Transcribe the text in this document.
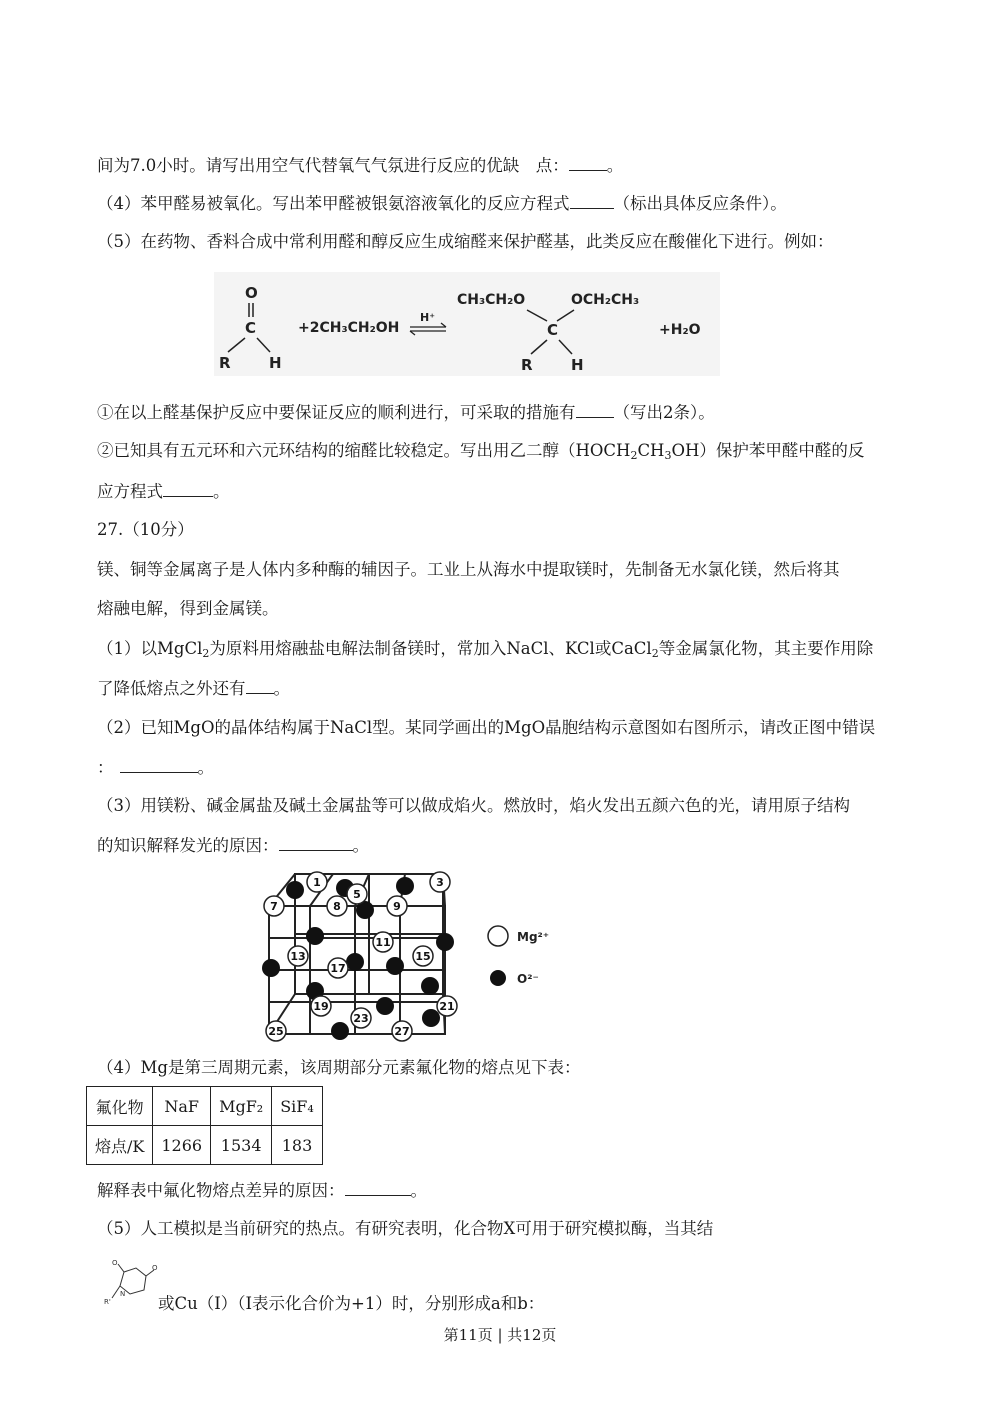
间为7.0小时。请写出用空气代替氧气气氛进行反应的优缺　点： 。
（4）苯甲醛易被氧化。写出苯甲醛被银氨溶液氧化的反应方程式	（标出具体反应条件）。
（5）在药物、香料合成中常利用醛和醇反应生成缩醛来保护醛基，此类反应在酸催化下进行。例如：
O
C
R	H
+2CH₃CH₂OH
H⁺
CH₃CH₂O	OCH₂CH₃
C
R	H
+H₂O
①在以上醛基保护反应中要保证反应的顺利进行，可采取的措施有 （写出2条）。
②已知具有五元环和六元环结构的缩醛比较稳定。写出用乙二醇$(HOCH_2CH_3OH)$保护苯甲醛中醛的反
应方程式	。
27.（10分）
镁、铜等金属离子是人体内多种酶的辅因子。工业上从海水中提取镁时，先制备无水氯化镁，然后将其
熔融电解，得到金属镁。
（1）以MgCl$_2$为原料用熔融盐电解法制备镁时，常加入NaCl、KCl或CaCl$_2$等金属氯化物，其主要作用除
了降低熔点之外还有 。
（2）已知MgO的晶体结构属于NaCl型。某同学画出的MgO晶胞结构示意图如右图所示，请改正图中错误
：	。
（3）用镁粉、碱金属盐及碱土金属盐等可以做成焰火。燃放时，焰火发出五颜六色的光，请用原子结构
的知识解释发光的原因：	。
1	3
5
7	8	9
11
13	15
17
19	21
23
25	27
Mg²⁺
O²⁻
（4）Mg是第三周期元素，该周期部分元素氟化物的熔点见下表：
氟化物	NaF	MgF₂	SiF₄
熔点/K	1266	1534	183
解释表中氟化物熔点差异的原因：	。
（5）人工模拟是当前研究的热点。有研究表明，化合物X可用于研究模拟酶，当其结
O
O
N
R'	或Cu（I）（I表示化合价为+1）时，分别形成a和b：
第11页 | 共12页
